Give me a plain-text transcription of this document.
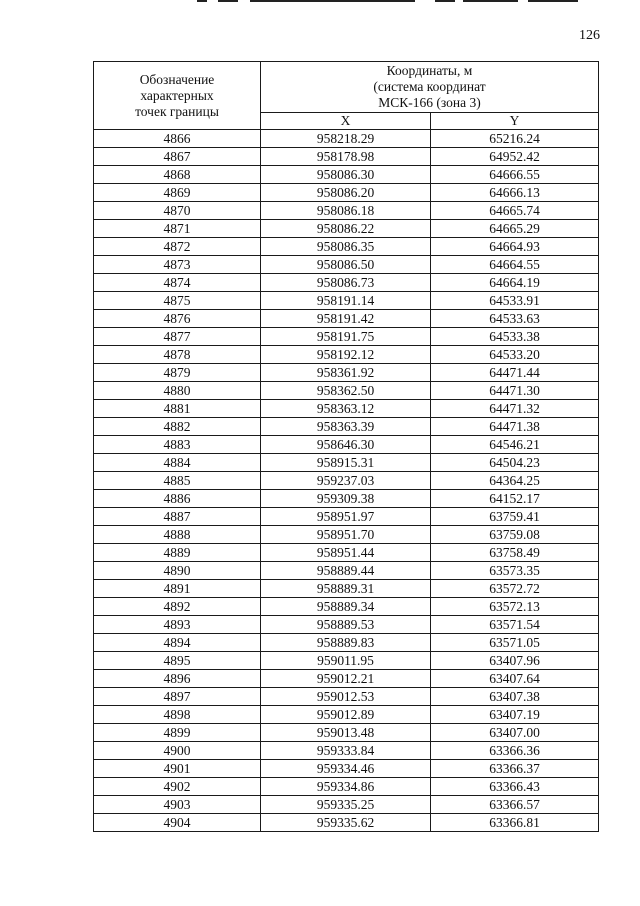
126
Обозначение
характерных
точек границы	Координаты, м
(система координат
МСК-166 (зона 3)	

	X	Y
4866	958218.29	65216.24
4867	958178.98	64952.42
4868	958086.30	64666.55
4869	958086.20	64666.13
4870	958086.18	64665.74
4871	958086.22	64665.29
4872	958086.35	64664.93
4873	958086.50	64664.55
4874	958086.73	64664.19
4875	958191.14	64533.91
4876	958191.42	64533.63
4877	958191.75	64533.38
4878	958192.12	64533.20
4879	958361.92	64471.44
4880	958362.50	64471.30
4881	958363.12	64471.32
4882	958363.39	64471.38
4883	958646.30	64546.21
4884	958915.31	64504.23
4885	959237.03	64364.25
4886	959309.38	64152.17
4887	958951.97	63759.41
4888	958951.70	63759.08
4889	958951.44	63758.49
4890	958889.44	63573.35
4891	958889.31	63572.72
4892	958889.34	63572.13
4893	958889.53	63571.54
4894	958889.83	63571.05
4895	959011.95	63407.96
4896	959012.21	63407.64
4897	959012.53	63407.38
4898	959012.89	63407.19
4899	959013.48	63407.00
4900	959333.84	63366.36
4901	959334.46	63366.37
4902	959334.86	63366.43
4903	959335.25	63366.57
4904	959335.62	63366.81
